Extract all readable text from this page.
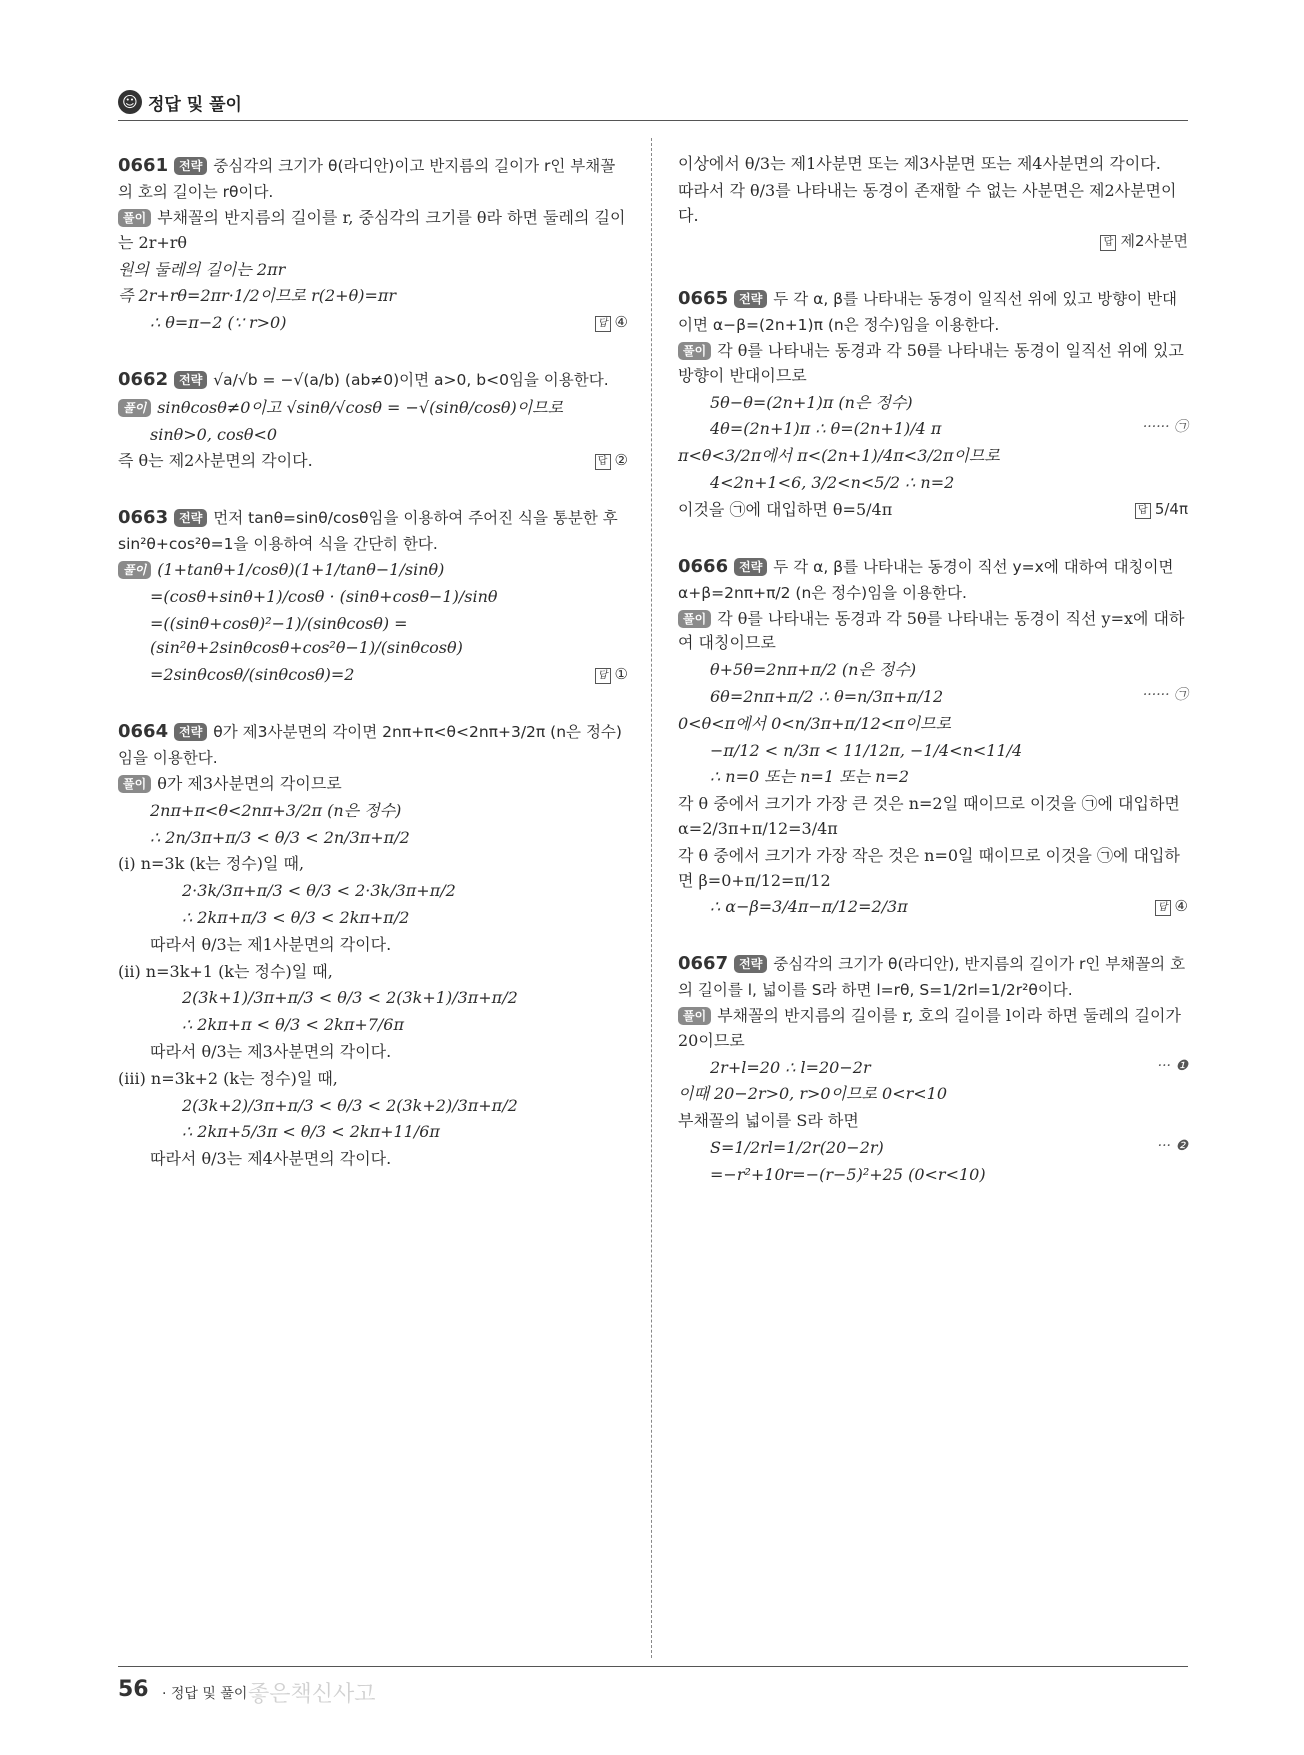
☺ 정답 및 풀이
0661 전략 중심각의 크기가 θ(라디안)이고 반지름의 길이가 r인 부채꼴의 호의 길이는 rθ이다.
풀이 부채꼴의 반지름의 길이를 r, 중심각의 크기를 θ라 하면 둘레의 길이는 2r+rθ
원의 둘레의 길이는 2πr
즉 2r+rθ=2πr·1/2이므로 r(2+θ)=πr
∴ θ=π−2 (∵ r>0)	답 ④
0662 전략 √a/√b = −√(a/b) (ab≠0)이면 a>0, b<0임을 이용한다.
풀이 sinθcosθ≠0이고 √sinθ/√cosθ = −√(sinθ/cosθ)이므로
sinθ>0, cosθ<0
즉 θ는 제2사분면의 각이다.	답 ②
0663 전략 먼저 tanθ=sinθ/cosθ임을 이용하여 주어진 식을 통분한 후 sin²θ+cos²θ=1을 이용하여 식을 간단히 한다.
풀이 (1+tanθ+1/cosθ)(1+1/tanθ−1/sinθ)
=(cosθ+sinθ+1)/cosθ · (sinθ+cosθ−1)/sinθ
=((sinθ+cosθ)²−1)/(sinθcosθ) = (sin²θ+2sinθcosθ+cos²θ−1)/(sinθcosθ)
=2sinθcosθ/(sinθcosθ)=2	답 ①
0664 전략 θ가 제3사분면의 각이면 2nπ+π<θ<2nπ+3/2π (n은 정수)임을 이용한다.
풀이 θ가 제3사분면의 각이므로
2nπ+π<θ<2nπ+3/2π (n은 정수)
∴ 2n/3π+π/3 < θ/3 < 2n/3π+π/2
(i) n=3k (k는 정수)일 때,
2·3k/3π+π/3 < θ/3 < 2·3k/3π+π/2
∴ 2kπ+π/3 < θ/3 < 2kπ+π/2
따라서 θ/3는 제1사분면의 각이다.
(ii) n=3k+1 (k는 정수)일 때,
2(3k+1)/3π+π/3 < θ/3 < 2(3k+1)/3π+π/2
∴ 2kπ+π < θ/3 < 2kπ+7/6π
따라서 θ/3는 제3사분면의 각이다.
(iii) n=3k+2 (k는 정수)일 때,
2(3k+2)/3π+π/3 < θ/3 < 2(3k+2)/3π+π/2
∴ 2kπ+5/3π < θ/3 < 2kπ+11/6π
따라서 θ/3는 제4사분면의 각이다.
이상에서 θ/3는 제1사분면 또는 제3사분면 또는 제4사분면의 각이다.
따라서 각 θ/3를 나타내는 동경이 존재할 수 없는 사분면은 제2사분면이다.
답 제2사분면

0665 전략 두 각 α, β를 나타내는 동경이 일직선 위에 있고 방향이 반대이면 α−β=(2n+1)π (n은 정수)임을 이용한다.
풀이 각 θ를 나타내는 동경과 각 5θ를 나타내는 동경이 일직선 위에 있고 방향이 반대이므로
5θ−θ=(2n+1)π (n은 정수)
4θ=(2n+1)π ∴ θ=(2n+1)/4 π	······ ㉠
π<θ<3/2π에서 π<(2n+1)/4π<3/2π이므로
4<2n+1<6, 3/2<n<5/2 ∴ n=2
이것을 ㉠에 대입하면 θ=5/4π	답 5/4π
0666 전략 두 각 α, β를 나타내는 동경이 직선 y=x에 대하여 대칭이면 α+β=2nπ+π/2 (n은 정수)임을 이용한다.
풀이 각 θ를 나타내는 동경과 각 5θ를 나타내는 동경이 직선 y=x에 대하여 대칭이므로
θ+5θ=2nπ+π/2 (n은 정수)
6θ=2nπ+π/2 ∴ θ=n/3π+π/12	······ ㉠
0<θ<π에서 0<n/3π+π/12<π이므로
−π/12 < n/3π < 11/12π, −1/4<n<11/4
∴ n=0 또는 n=1 또는 n=2
각 θ 중에서 크기가 가장 큰 것은 n=2일 때이므로 이것을 ㉠에 대입하면 α=2/3π+π/12=3/4π
각 θ 중에서 크기가 가장 작은 것은 n=0일 때이므로 이것을 ㉠에 대입하면 β=0+π/12=π/12
∴ α−β=3/4π−π/12=2/3π	답 ④
0667 전략 중심각의 크기가 θ(라디안), 반지름의 길이가 r인 부채꼴의 호의 길이를 l, 넓이를 S라 하면 l=rθ, S=1/2rl=1/2r²θ이다.
풀이 부채꼴의 반지름의 길이를 r, 호의 길이를 l이라 하면 둘레의 길이가 20이므로
2r+l=20 ∴ l=20−2r	··· ❶
이때 20−2r>0, r>0이므로 0<r<10
부채꼴의 넓이를 S라 하면
S=1/2rl=1/2r(20−2r)	··· ❷
=−r²+10r=−(r−5)²+25 (0<r<10)
56 · 정답 및 풀이 좋은책신사고
